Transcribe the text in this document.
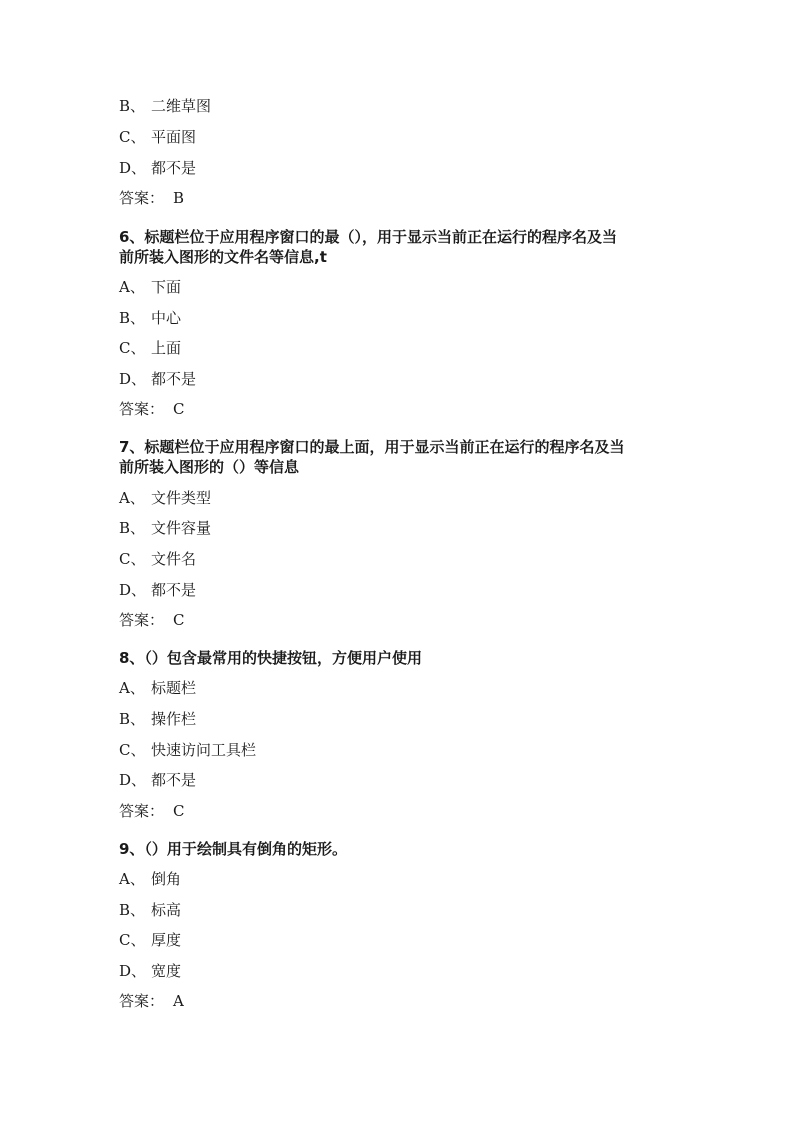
B、 二维草图
C、 平面图
D、 都不是
答案： B
6、标题栏位于应用程序窗口的最（），用于显示当前正在运行的程序名及当
前所装入图形的文件名等信息,t
A、 下面
B、 中心
C、 上面
D、 都不是
答案： C
7、标题栏位于应用程序窗口的最上面，用于显示当前正在运行的程序名及当
前所装入图形的（）等信息
A、 文件类型
B、 文件容量
C、 文件名
D、 都不是
答案： C
8、（）包含最常用的快捷按钮，方便用户使用
A、 标题栏
B、 操作栏
C、 快速访问工具栏
D、 都不是
答案： C
9、（）用于绘制具有倒角的矩形。
A、 倒角
B、 标高
C、 厚度
D、 宽度
答案： A
